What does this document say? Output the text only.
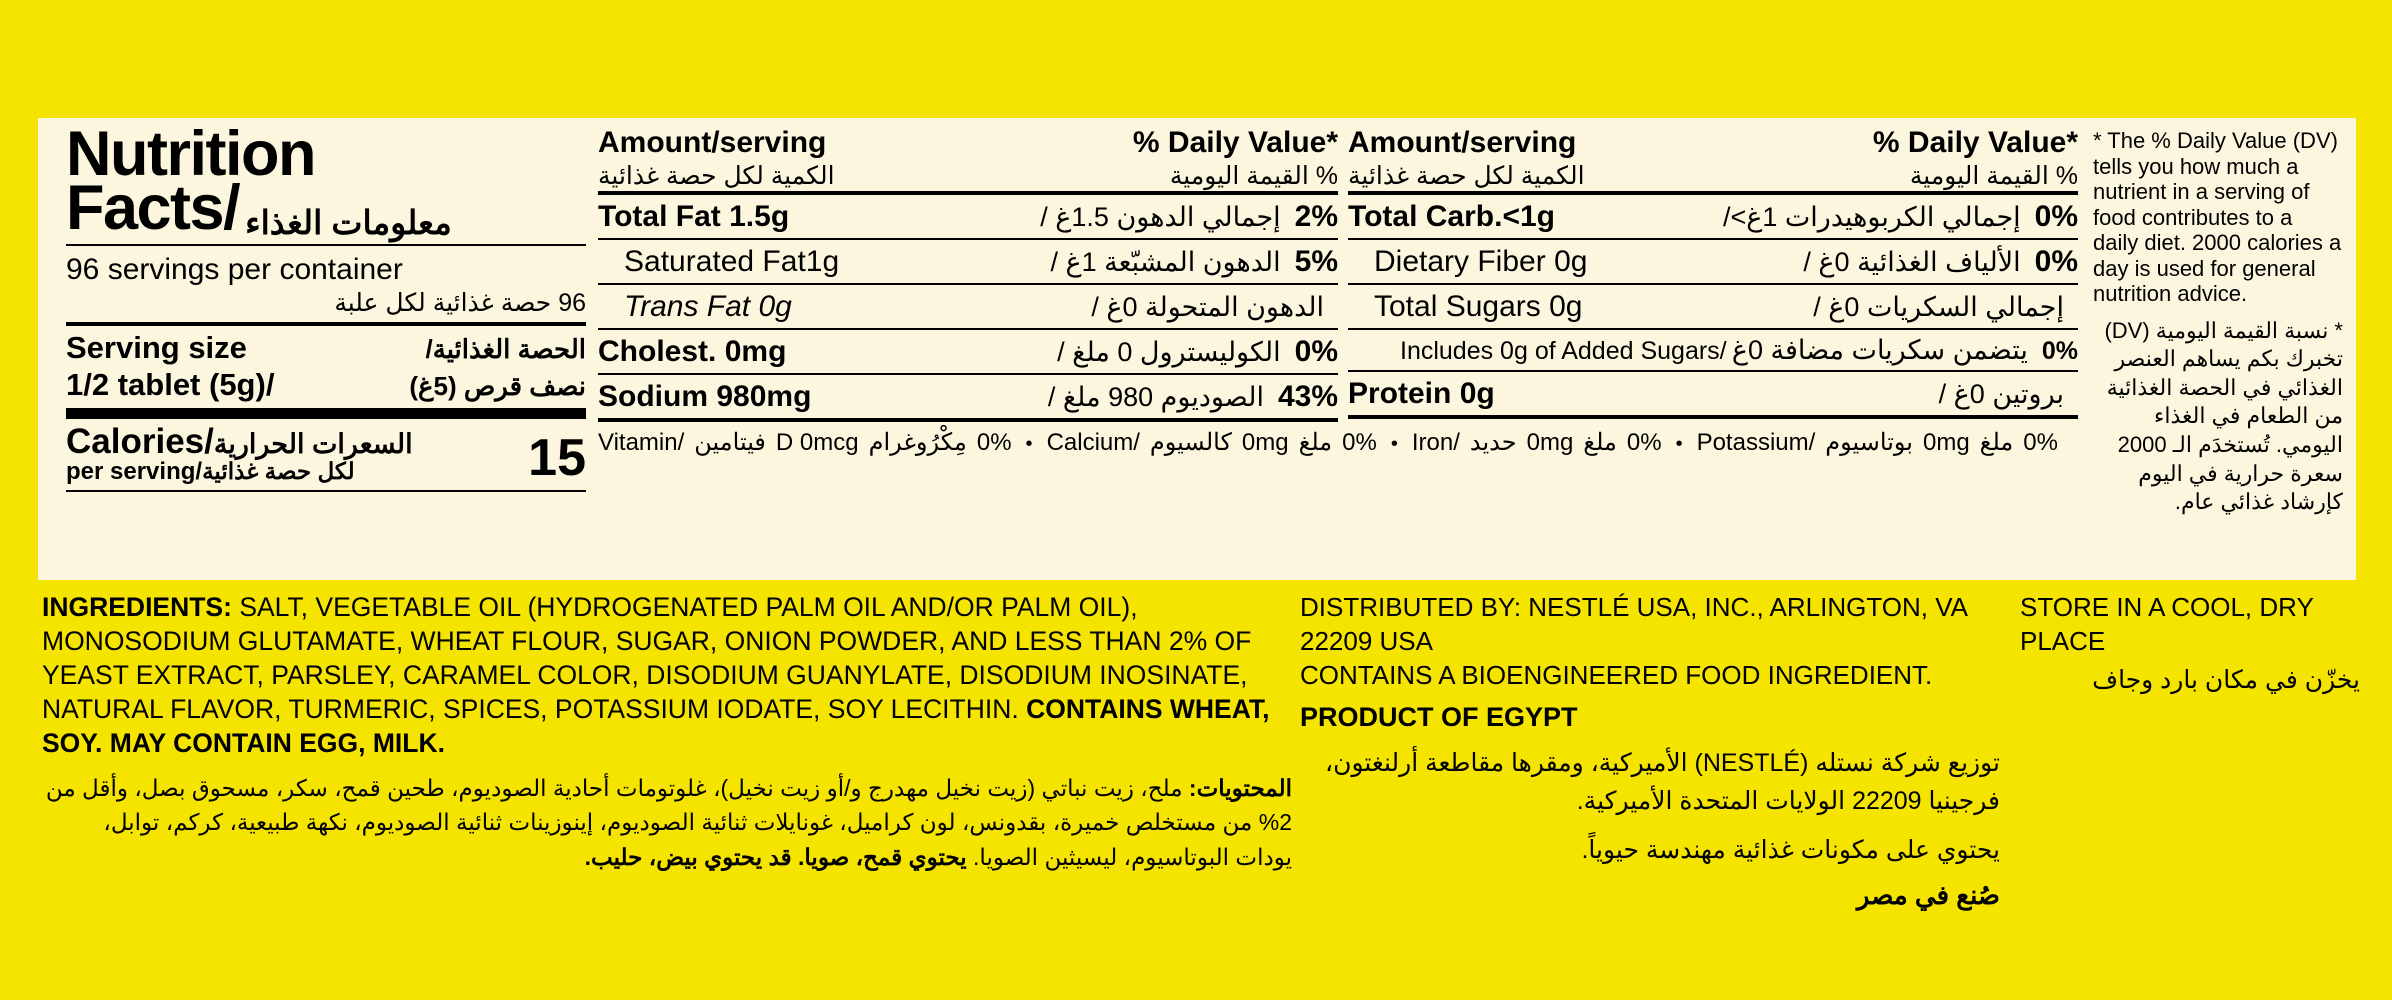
Nutrition
Facts/ معلومات الغذاء
96 servings per container
96 حصة غذائية لكل علبة
Serving size	الحصة الغذائية/
1/2 tablet (5g)/	نصف قرص (5غ)
Calories/السعرات الحرارية
per serving/لكل حصة غذائية	15
Amount/serving	% Daily Value*
% القيمة اليومية
الكمية لكل حصة غذائية
Total Fat 1.5g	إجمالي الدهون 1.5غ / 2%
Saturated Fat1g	الدهون المشبّعة 1غ / 5%
Trans Fat 0g	الدهون المتحولة 0غ /
Cholest. 0mg	الكوليسترول 0 ملغ / 0%
Sodium 980mg	الصوديوم 980 ملغ / 43%
Vitamin/ فيتامين D 0mcg مِكْرُوغرام 0% • Calcium/ كالسيوم 0mg ملغ 0% • Iron/ حديد 0mg ملغ 0% • Potassium/ بوتاسيوم 0mg ملغ 0%
Amount/serving	% Daily Value*
% القيمة اليومية
الكمية لكل حصة غذائية
Total Carb.<1g	إجمالي الكربوهيدرات 1غ>/ 0%
Dietary Fiber 0g	الألياف الغذائية 0غ / 0%
Total Sugars 0g	إجمالي السكريات 0غ /
Includes 0g of Added Sugars/ يتضمن سكريات مضافة 0غ 0%
Protein 0g	بروتين 0غ /
* The % Daily Value (DV) tells you how much a nutrient in a serving of food contributes to a daily diet. 2000 calories a day is used for general nutrition advice.
* نسبة القيمة اليومية (DV) تخبرك بكم يساهم العنصر الغذائي في الحصة الغذائية من الطعام في الغذاء اليومي. تُستخدَم الـ 2000 سعرة حرارية في اليوم كإرشاد غذائي عام.
INGREDIENTS: SALT, VEGETABLE OIL (HYDROGENATED PALM OIL AND/OR PALM OIL), MONOSODIUM GLUTAMATE, WHEAT FLOUR, SUGAR, ONION POWDER, AND LESS THAN 2% OF YEAST EXTRACT, PARSLEY, CARAMEL COLOR, DISODIUM GUANYLATE, DISODIUM INOSINATE, NATURAL FLAVOR, TURMERIC, SPICES, POTASSIUM IODATE, SOY LECITHIN. CONTAINS WHEAT, SOY. MAY CONTAIN EGG, MILK.
المحتويات: ملح، زيت نباتي (زيت نخيل مهدرج و/أو زيت نخيل)، غلوتومات أحادية الصوديوم، طحين قمح، سكر، مسحوق بصل، وأقل من 2% من مستخلص خميرة، بقدونس، لون كراميل، غونايلات ثنائية الصوديوم، إينوزينات ثنائية الصوديوم، نكهة طبيعية، كركم، توابل، يودات البوتاسيوم، ليسيثين الصويا. يحتوي قمح، صويا. قد يحتوي بيض، حليب.
DISTRIBUTED BY: NESTLÉ USA, INC., ARLINGTON, VA 22209 USA
CONTAINS A BIOENGINEERED FOOD INGREDIENT.
PRODUCT OF EGYPT
توزيع شركة نستله (NESTLÉ) الأميركية، ومقرها مقاطعة أرلنغتون، فرجينيا 22209 الولايات المتحدة الأميركية.
يحتوي على مكونات غذائية مهندسة حيوياً.
صُنع في مصر
STORE IN A COOL, DRY PLACE
يخزّن في مكان بارد وجاف
